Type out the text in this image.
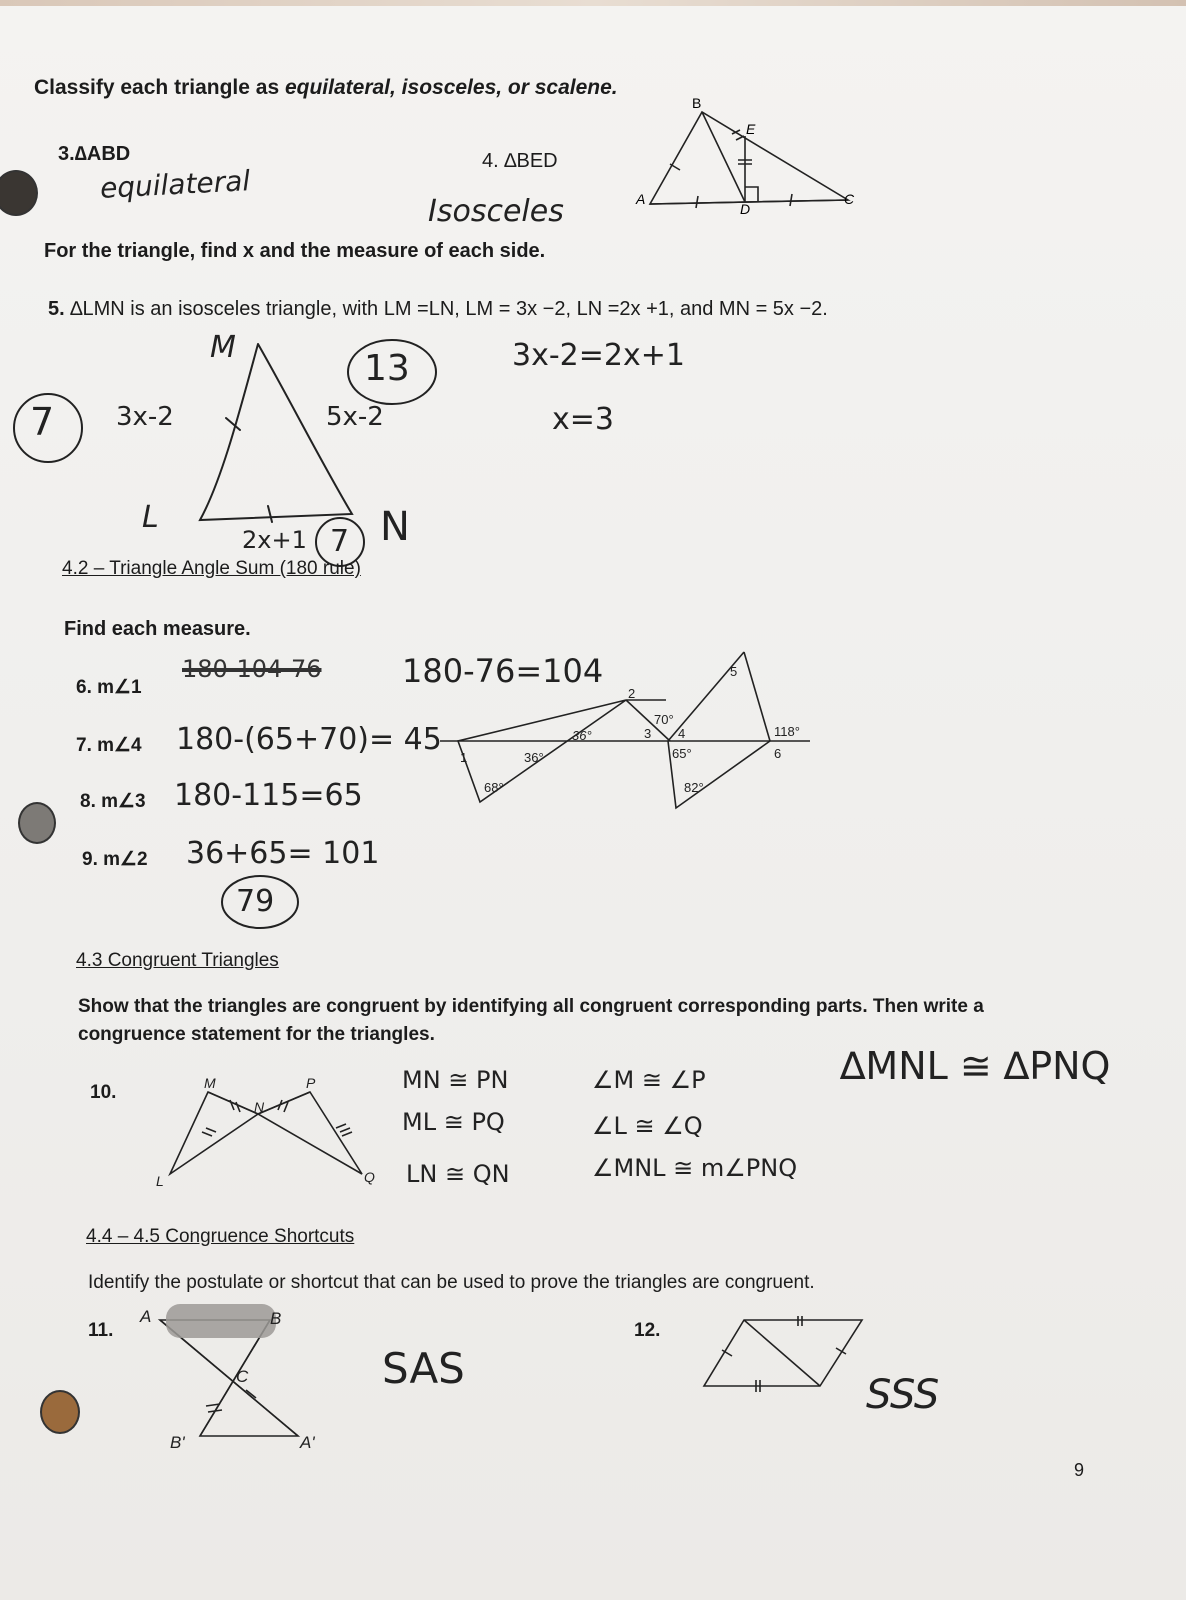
Classify each triangle as equilateral, isosceles, or scalene.
3.∆ABD	4. ∆BED
equilateral
Isosceles
B
E
A
D
C
For the triangle, find x and the measure of each side.
5. ∆LMN is an isosceles triangle, with LM =LN, LM = 3x −2, LN =2x +1, and MN = 5x −2.
M
7 3x-2
13
5x-2
3x-2=2x+1
x=3
L
2x+1 7 N
4.2 – Triangle Angle Sum (180 rule)
Find each measure.
6. m∠1
180-104-76	180-76=104
7. m∠4 180-(65+70)= 45
8. m∠3 180-115=65
9. m∠2 36+65= 101
79
1	36°
68°
36°
2
3
70°
4
65°
82°
5
118°
6
4.3 Congruent Triangles
Show that the triangles are congruent by identifying all congruent corresponding parts. Then write a
congruence statement for the triangles.
10.	M
N
P
L	Q
MN ≅ PN
ML ≅ PQ
LN ≅ QN
∠M ≅ ∠P
∠L ≅ ∠Q
∠MNL ≅ m∠PNQ
∆MNL ≅ ∆PNQ
4.4 – 4.5 Congruence Shortcuts
Identify the postulate or shortcut that can be used to prove the triangles are congruent.
11.
A	B
C
B'	A'
SAS
12.
SSS
9
